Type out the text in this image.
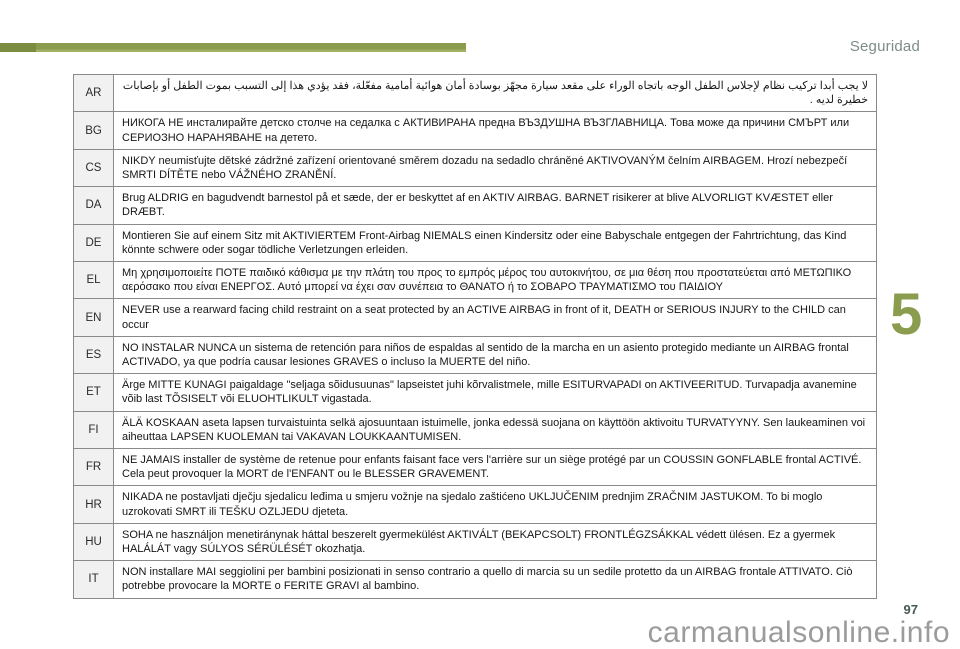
Seguridad
AR	لا يجب أبدا تركيب نظام لإجلاس الطفل الوجه باتجاه الوراء على مقعد سيارة مجهّز بوسادة أمان هوائية أمامية مفعّلة، فقد يؤدي هذا إلى التسبب بموت الطفل أو بإصابات خطيرة لديه .
BG	НИКОГА НЕ инсталирайте детско столче на седалка с АКТИВИРАНА предна ВЪЗДУШНА ВЪЗГЛАВНИЦА. Това може да причини СМЪРТ или СЕРИОЗНО НАРАНЯВАНЕ на детето.
CS	NIKDY neumisťujte dětské zádržné zařízení orientované směrem dozadu na sedadlo chráněné AKTIVOVANÝM čelním AIRBAGEM. Hrozí nebezpečí SMRTI DÍTĚTE nebo VÁŽNÉHO ZRANĚNÍ.
DA	Brug ALDRIG en bagudvendt barnestol på et sæde, der er beskyttet af en AKTIV AIRBAG. BARNET risikerer at blive ALVORLIGT KVÆSTET eller DRÆBT.
DE	Montieren Sie auf einem Sitz mit AKTIVIERTEM Front-Airbag NIEMALS einen Kindersitz oder eine Babyschale entgegen der Fahrtrichtung, das Kind könnte schwere oder sogar tödliche Verletzungen erleiden.
EL	Μη χρησιμοποιείτε ΠΟΤΕ παιδικό κάθισμα με την πλάτη του προς το εμπρός μέρος του αυτοκινήτου, σε μια θέση που προστατεύεται από ΜΕΤΩΠΙΚΟ αερόσακο που είναι ΕΝΕΡΓΟΣ. Αυτό μπορεί να έχει σαν συνέπεια το ΘΑΝΑΤΟ ή το ΣΟΒΑΡΟ ΤΡΑΥΜΑΤΙΣΜΟ του ΠΑΙΔΙΟΥ
EN	NEVER use a rearward facing child restraint on a seat protected by an ACTIVE AIRBAG in front of it, DEATH or SERIOUS INJURY to the CHILD can occur
ES	NO INSTALAR NUNCA un sistema de retención para niños de espaldas al sentido de la marcha en un asiento protegido mediante un AIRBAG frontal ACTIVADO, ya que podría causar lesiones GRAVES o incluso la MUERTE del niño.
ET	Ärge MITTE KUNAGI paigaldage "seljaga sõidusuunas" lapseistet juhi kõrvalistmele, mille ESITURVAPADI on AKTIVEERITUD. Turvapadja avanemine võib last TÕSISELT või ELUOHTLIKULT vigastada.
FI	ÄLÄ KOSKAAN aseta lapsen turvaistuinta selkä ajosuuntaan istuimelle, jonka edessä suojana on käyttöön aktivoitu TURVATYYNY. Sen laukeaminen voi aiheuttaa LAPSEN KUOLEMAN tai VAKAVAN LOUKKAANTUMISEN.
FR	NE JAMAIS installer de système de retenue pour enfants faisant face vers l'arrière sur un siège protégé par un COUSSIN GONFLABLE frontal ACTIVÉ. Cela peut provoquer la MORT de l'ENFANT ou le BLESSER GRAVEMENT.
HR	NIKADA ne postavljati dječju sjedalicu leđima u smjeru vožnje na sjedalo zaštićeno UKLJUČENIM prednjim ZRAČNIM JASTUKOM. To bi moglo uzrokovati SMRT ili TEŠKU OZLJEDU djeteta.
HU	SOHA ne használjon menetiránynak háttal beszerelt gyermekülést AKTIVÁLT (BEKAPCSOLT) FRONTLÉGZSÁKKAL védett ülésen. Ez a gyermek HALÁLÁT vagy SÚLYOS SÉRÜLÉSÉT okozhatja.
IT	NON installare MAI seggiolini per bambini posizionati in senso contrario a quello di marcia su un sedile protetto da un AIRBAG frontale ATTIVATO. Ciò potrebbe provocare la MORTE o FERITE GRAVI al bambino.
5
97
carmanualsonline.info
